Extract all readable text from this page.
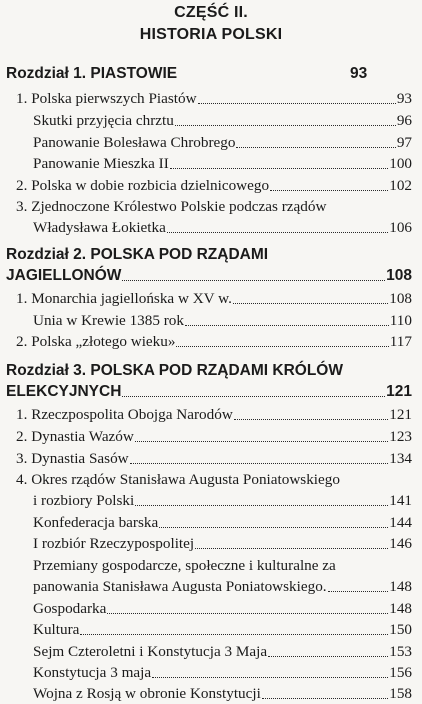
CZĘŚĆ II.
HISTORIA POLSKI
Rozdział 1. PIASTOWIE	93
1. Polska pierwszych Piastów	93
Skutki przyjęcia chrztu	96
Panowanie Bolesława Chrobrego	97
Panowanie Mieszka II	100
2. Polska w dobie rozbicia dzielnicowego	102
3. Zjednoczone Królestwo Polskie podczas rządów
Władysława Łokietka	106
Rozdział 2. POLSKA POD RZĄDAMI
JAGIELLONÓW	108
1. Monarchia jagiellońska w XV w.	108
Unia w Krewie 1385 rok	110
2. Polska „złotego wieku»	117
Rozdział 3. POLSKA POD RZĄDAMI KRÓLÓW
ELEKCYJNYCH	121
1. Rzeczpospolita Obojga Narodów	121
2. Dynastia Wazów	123
3. Dynastia Sasów	134
4. Okres rządów Stanisława Augusta Poniatowskiego
i rozbiory Polski	141
Konfederacja barska	144
I rozbiór Rzeczypospolitej	146
Przemiany gospodarcze, społeczne i kulturalne za
panowania Stanisława Augusta Poniatowskiego.	148
Gospodarka	148
Kultura	150
Sejm Czteroletni i Konstytucja 3 Maja	153
Konstytucja 3 maja	156
Wojna z Rosją w obronie Konstytucji	158
